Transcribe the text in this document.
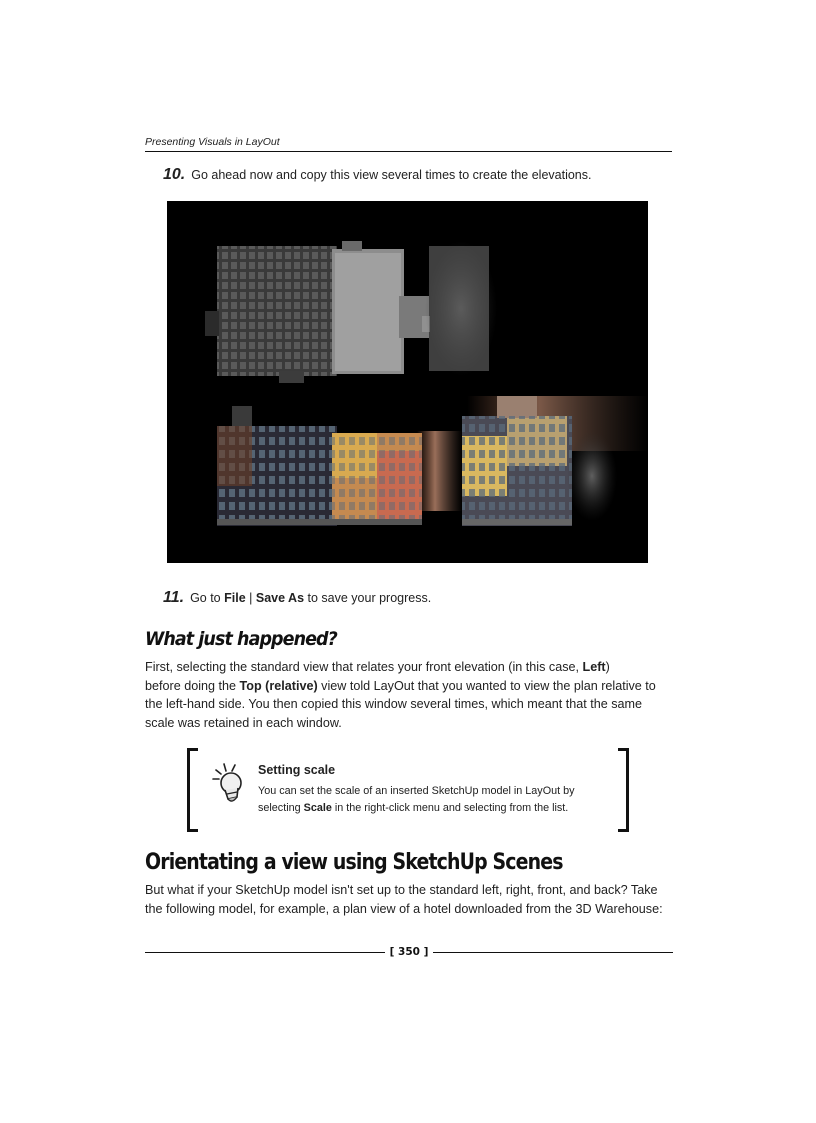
Presenting Visuals in LayOut
10. Go ahead now and copy this view several times to create the elevations.
11. Go to File | Save As to save your progress.
What just happened?
First, selecting the standard view that relates your front elevation (in this case, Left)
before doing the Top (relative) view told LayOut that you wanted to view the plan relative to the left-hand side. You then copied this window several times, which meant that the same scale was retained in each window.
Setting scale
You can set the scale of an inserted SketchUp model in LayOut by selecting Scale in the right-click menu and selecting from the list.
Orientating a view using SketchUp Scenes
But what if your SketchUp model isn't set up to the standard left, right, front, and back? Take the following model, for example, a plan view of a hotel downloaded from the 3D Warehouse:
[ 350 ]
